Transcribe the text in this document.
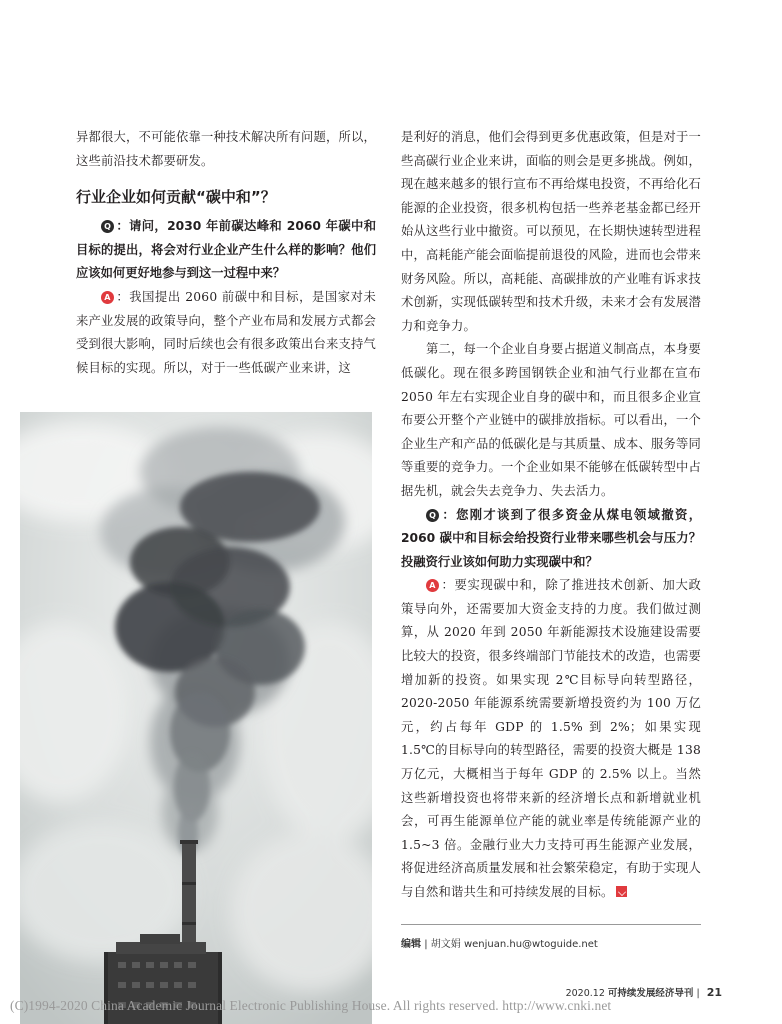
异都很大，不可能依靠一种技术解决所有问题，所以，这些前沿技术都要研发。

行业企业如何贡献“碳中和”？

Q ：请问，2030 年前碳达峰和 2060 年碳中和目标的提出，将会对行业企业产生什么样的影响？他们应该如何更好地参与到这一过程中来？

A ：我国提出 2060 前碳中和目标，是国家对未来产业发展的政策导向，整个产业布局和发展方式都会受到很大影响，同时后续也会有很多政策出台来支持气候目标的实现。所以，对于一些低碳产业来讲，这

是利好的消息，他们会得到更多优惠政策，但是对于一些高碳行业企业来讲，面临的则会是更多挑战。例如，现在越来越多的银行宣布不再给煤电投资，不再给化石能源的企业投资，很多机构包括一些养老基金都已经开始从这些行业中撤资。可以预见，在长期快速转型进程中，高耗能产能会面临提前退役的风险，进而也会带来财务风险。所以，高耗能、高碳排放的产业唯有诉求技术创新，实现低碳转型和技术升级，未来才会有发展潜力和竞争力。

第二，每一个企业自身要占据道义制高点，本身要低碳化。现在很多跨国钢铁企业和油气行业都在宣布 2050 年左右实现企业自身的碳中和，而且很多企业宣布要公开整个产业链中的碳排放指标。可以看出，一个企业生产和产品的低碳化是与其质量、成本、服务等同等重要的竞争力。一个企业如果不能够在低碳转型中占据先机，就会失去竞争力、失去活力。

Q ：您刚才谈到了很多资金从煤电领域撤资，2060 碳中和目标会给投资行业带来哪些机会与压力？投融资行业该如何助力实现碳中和？

A ：要实现碳中和，除了推进技术创新、加大政策导向外，还需要加大资金支持的力度。我们做过测算，从 2020 年到 2050 年新能源技术设施建设需要比较大的投资，很多终端部门节能技术的改造，也需要增加新的投资。如果实现 2℃目标导向转型路径，2020-2050 年能源系统需要新增投资约为 100 万亿元，约占每年 GDP 的 1.5% 到 2%；如果实现 1.5℃的目标导向的转型路径，需要的投资大概是 138 万亿元，大概相当于每年 GDP 的 2.5% 以上。当然这些新增投资也将带来新的经济增长点和新增就业机会，可再生能源单位产能的就业率是传统能源产业的 1.5~3 倍。金融行业大力支持可再生能源产业发展，将促进经济高质量发展和社会繁荣稳定，有助于实现人与自然和谐共生和可持续发展的目标。

编辑 | 胡文娟 wenjuan.hu@wtoguide.net
2020.12 可持续发展经济导刊 | 21
(C)1994-2020 China Academic Journal Electronic Publishing House. All rights reserved. http://www.cnki.net
